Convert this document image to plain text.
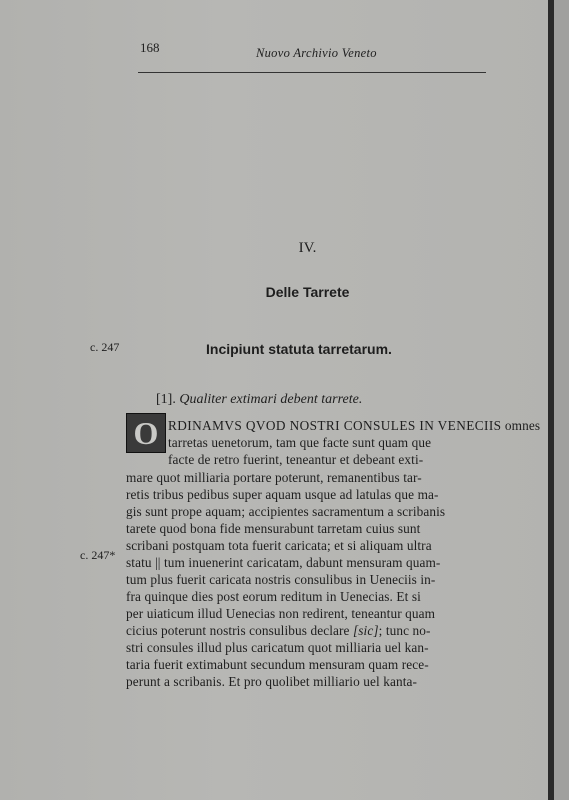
168	Nuovo Archivio Veneto
IV.
Delle Tarrete
c. 247	Incipiunt statuta tarretarum.
[1]. Qualiter extimari debent tarrete.
O RDINAMVS QVOD NOSTRI CONSULES IN VENECIIS omnes
tarretas uenetorum, tam que facte sunt quam que
facte de retro fuerint, teneantur et debeant exti-
mare quot milliaria portare poterunt, remanentibus tar-
retis tribus pedibus super aquam usque ad latulas que ma-
gis sunt prope aquam; accipientes sacramentum a scribanis
tarete quod bona fide mensurabunt tarretam cuius sunt
scribani postquam tota fuerit caricata; et si aliquam ultra
c. 247* statu || tum inuenerint caricatam, dabunt mensuram quam-
tum plus fuerit caricata nostris consulibus in Ueneciis in-
fra quinque dies post eorum reditum in Uenecias. Et si
per uiaticum illud Uenecias non redirent, teneantur quam
cicius poterunt nostris consulibus declare [sic]; tunc no-
stri consules illud plus caricatum quot milliaria uel kan-
taria fuerit extimabunt secundum mensuram quam rece-
perunt a scribanis. Et pro quolibet milliario uel kanta-
